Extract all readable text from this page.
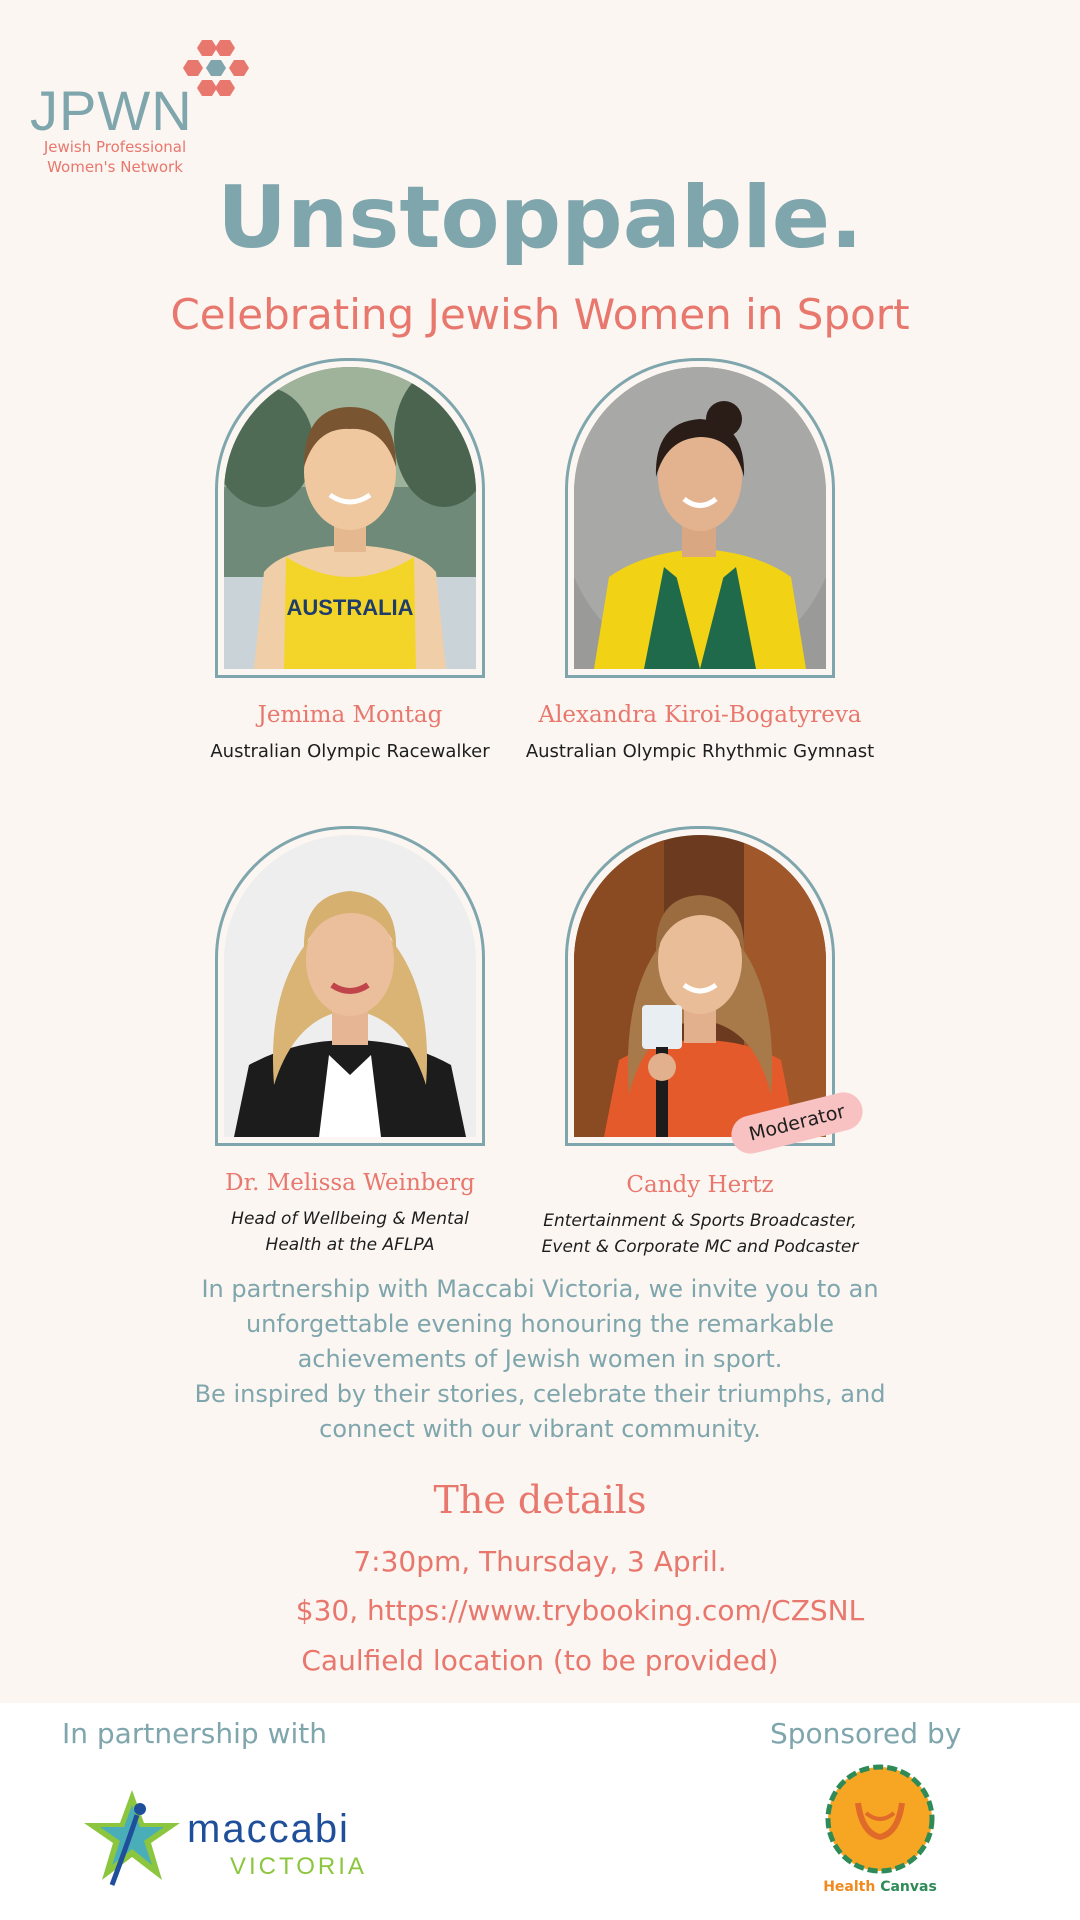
JPWN
Jewish Professional
Women's Network
Unstoppable.
Celebrating Jewish Women in Sport
AUSTRALIA
Jemima Montag
Australian Olympic Racewalker
Alexandra Kiroi-Bogatyreva
Australian Olympic Rhythmic Gymnast
Dr. Melissa Weinberg
Head of Wellbeing & Mental
Health at the AFLPA
Moderator
Candy Hertz
Entertainment & Sports Broadcaster,
Event & Corporate MC and Podcaster
In partnership with Maccabi Victoria, we invite you to an
unforgettable evening honouring the remarkable
achievements of Jewish women in sport.
Be inspired by their stories, celebrate their triumphs, and
connect with our vibrant community.
The details
7:30pm, Thursday, 3 April.
$30, https://www.trybooking.com/CZSNL
Caulfield location (to be provided)
In partnership with	Sponsored by
maccabi
VICTORIA
Health Canvas
